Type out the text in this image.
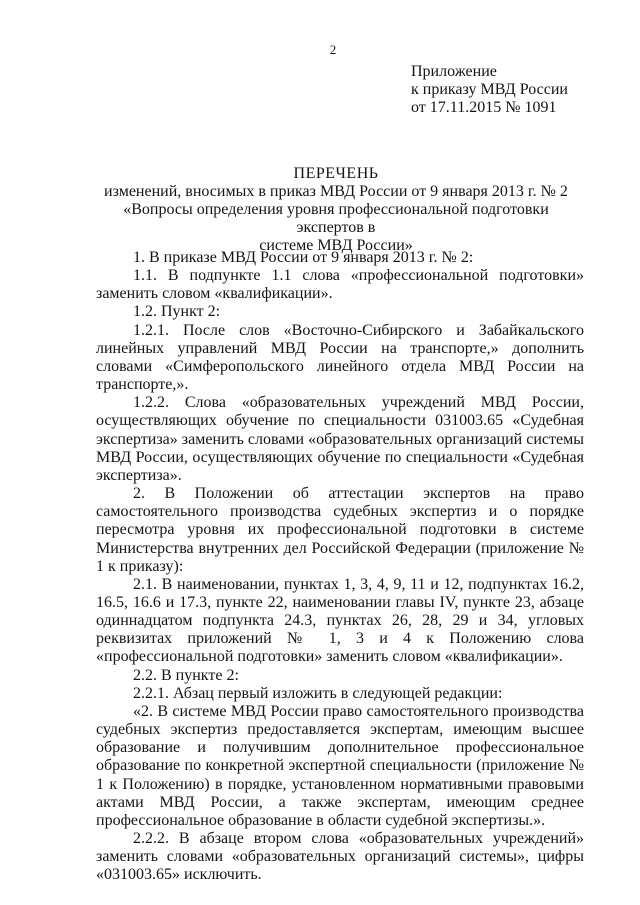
2
Приложение
к приказу МВД России
от 17.11.2015 № 1091
ПЕРЕЧЕНЬ
изменений, вносимых в приказ МВД России от 9 января 2013 г. № 2
«Вопросы определения уровня профессиональной подготовки экспертов в
системе МВД России»

1. В приказе МВД России от 9 января 2013 г. № 2:

1.1. В подпункте 1.1 слова «профессиональной подготовки» заменить словом «квалификации».

1.2. Пункт 2:

1.2.1. После слов «Восточно-Сибирского и Забайкальского линейных управлений МВД России на транспорте,» дополнить словами «Симферопольского линейного отдела МВД России на транспорте,».

1.2.2. Слова «образовательных учреждений МВД России, осуществляющих обучение по специальности 031003.65 «Судебная экспертиза» заменить словами «образовательных организаций системы МВД России, осуществляющих обучение по специальности «Судебная экспертиза».

2. В Положении об аттестации экспертов на право самостоятельного производства судебных экспертиз и о порядке пересмотра уровня их профессиональной подготовки в системе Министерства внутренних дел Российской Федерации (приложение № 1 к приказу):

2.1. В наименовании, пунктах 1, 3, 4, 9, 11 и 12, подпунктах 16.2, 16.5, 16.6 и 17.3, пункте 22, наименовании главы IV, пункте 23, абзаце одиннадцатом подпункта 24.3, пунктах 26, 28, 29 и 34, угловых реквизитах приложений № 1, 3 и 4 к Положению слова «профессиональной подготовки» заменить словом «квалификации».

2.2. В пункте 2:

2.2.1. Абзац первый изложить в следующей редакции:

«2. В системе МВД России право самостоятельного производства судебных экспертиз предоставляется экспертам, имеющим высшее образование и получившим дополнительное профессиональное образование по конкретной экспертной специальности (приложение № 1 к Положению) в порядке, установленном нормативными правовыми актами МВД России, а также экспертам, имеющим среднее профессиональное образование в области судебной экспертизы.».

2.2.2. В абзаце втором слова «образовательных учреждений» заменить словами «образовательных организаций системы», цифры «031003.65» исключить.
